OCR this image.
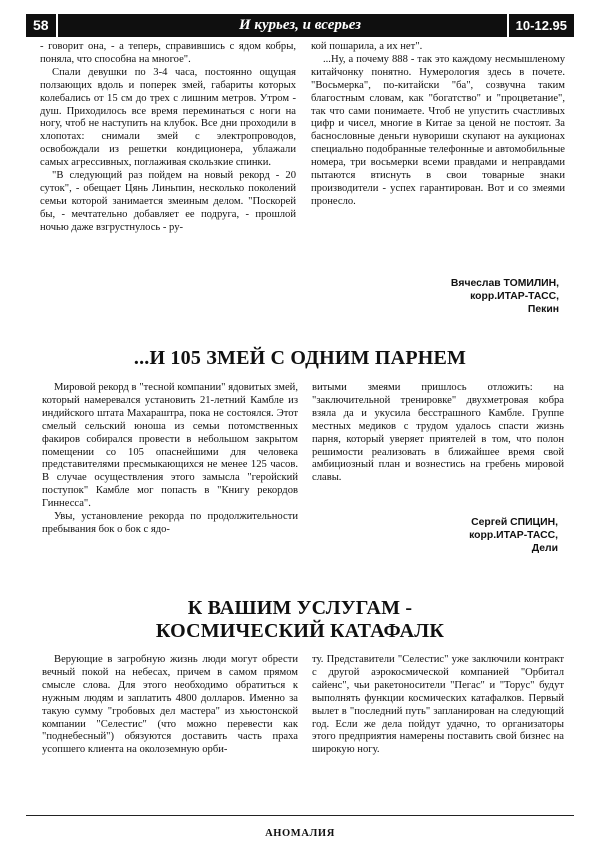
И курьез, и всерьез
58	10-12.95

- говорит она, - а теперь, справившись с ядом кобры, поняла, что способна на многое".

Спали девушки по 3-4 часа, постоянно ощущая ползающих вдоль и поперек змей, габариты которых колебались от 15 см до трех с лишним метров. Утром - душ. Приходилось все время переминаться с ноги на ногу, чтоб не наступить на клубок. Все дни проходили в хлопотах: снимали змей с электропроводов, освобождали из решетки кондиционера, ублажали самых агрессивных, поглаживая скользкие спинки.

"В следующий раз пойдем на новый рекорд - 20 суток", - обещает Цянь Линьпин, несколько поколений семьи которой занимается змеиным делом. "Поскорей бы, - мечтательно добавляет ее подруга, - прошлой ночью даже взгрустнулось - ру-

кой пошарила, а их нет".

...Ну, а почему 888 - так это каждому несмышленому китайчонку понятно. Нумерология здесь в почете. "Восьмерка", по-китайски "ба", созвучна таким благостным словам, как "богатство" и "процветание", так что сами понимаете. Чтоб не упустить счастливых цифр и чисел, многие в Китае за ценой не постоят. За баснословные деньги нувориши скупают на аукционах специально подобранные телефонные и автомобильные номера, три восьмерки всеми правдами и неправдами пытаются втиснуть в свои товарные знаки производители - успех гарантирован. Вот и со змеями пронесло.

Вячеслав ТОМИЛИН,
корр.ИТАР-ТАСС,
Пекин
...И 105 ЗМЕЙ С ОДНИМ ПАРНЕМ

Мировой рекорд в "тесной компании" ядовитых змей, который намеревался установить 21-летний Камбле из индийского штата Махараштра, пока не состоялся. Этот смелый сельский юноша из семьи потомственных факиров собирался провести в небольшом закрытом помещении со 105 опаснейшими для человека представителями пресмыкающихся не менее 125 часов. В случае осуществления этого замысла "геройский поступок" Камбле мог попасть в "Книгу рекордов Гиннесса".

Увы, установление рекорда по продолжительности пребывания бок о бок с ядо-

витыми змеями пришлось отложить: на "заключительной тренировке" двухметровая кобра взяла да и укусила бесстрашного Камбле. Группе местных медиков с трудом удалось спасти жизнь парня, который уверяет приятелей в том, что полон решимости реализовать в ближайшее время свой амбициозный план и вознестись на гребень мировой славы.

Сергей СПИЦИН,
корр.ИТАР-ТАСС,
Дели
К ВАШИМ УСЛУГАМ -
КОСМИЧЕСКИЙ КАТАФАЛК

Верующие в загробную жизнь люди могут обрести вечный покой на небесах, причем в самом прямом смысле слова. Для этого необходимо обратиться к нужным людям и заплатить 4800 долларов. Именно за такую сумму "гробовых дел мастера" из хьюстонской компании "Селестис" (что можно перевести как "поднебесный") обязуются доставить часть праха усопшего клиента на околоземную орби-

ту. Представители "Селестис" уже заключили контракт с другой аэрокосмической компанией "Орбитал сайенс", чьи ракетоносители "Пегас" и "Торус" будут выполнять функции космических катафалков. Первый вылет в "последний путь" запланирован на следующий год. Если же дела пойдут удачно, то организаторы этого предприятия намерены поставить свой бизнес на широкую ногу.

АНОМАЛИЯ
